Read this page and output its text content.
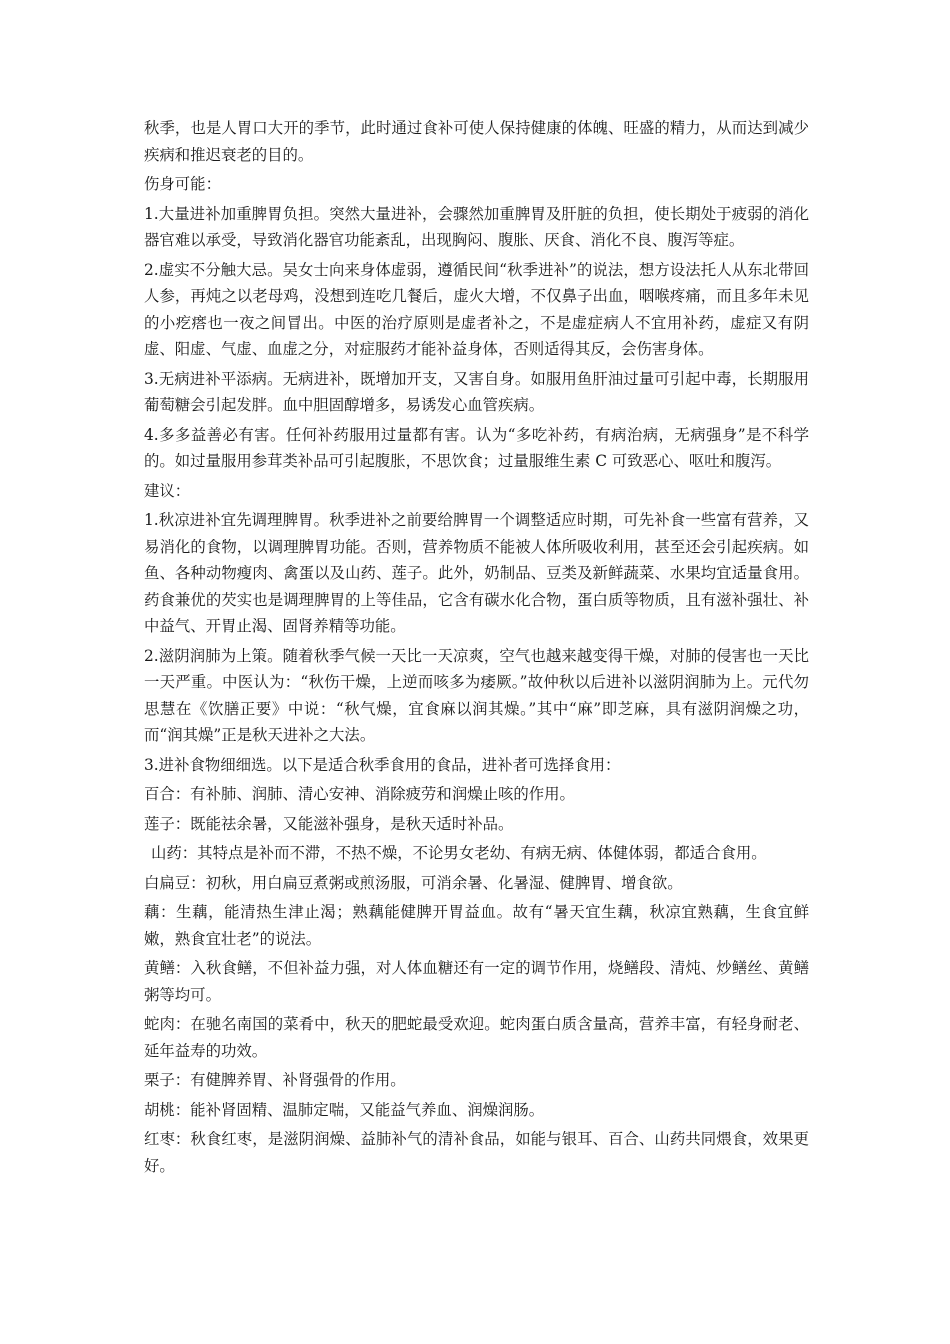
秋季，也是人胃口大开的季节，此时通过食补可使人保持健康的体魄、旺盛的精力，从而达到减少疾病和推迟衰老的目的。

伤身可能：

1.大量进补加重脾胃负担。突然大量进补，会骤然加重脾胃及肝脏的负担，使长期处于疲弱的消化器官难以承受，导致消化器官功能紊乱，出现胸闷、腹胀、厌食、消化不良、腹泻等症。

2.虚实不分触大忌。吴女士向来身体虚弱，遵循民间“秋季进补”的说法，想方设法托人从东北带回人参，再炖之以老母鸡，没想到连吃几餐后，虚火大增，不仅鼻子出血，咽喉疼痛，而且多年未见的小疙瘩也一夜之间冒出。中医的治疗原则是虚者补之，不是虚症病人不宜用补药，虚症又有阴虚、阳虚、气虚、血虚之分，对症服药才能补益身体，否则适得其反，会伤害身体。

3.无病进补平添病。无病进补，既增加开支，又害自身。如服用鱼肝油过量可引起中毒，长期服用葡萄糖会引起发胖。血中胆固醇增多，易诱发心血管疾病。

4.多多益善必有害。任何补药服用过量都有害。认为“多吃补药，有病治病，无病强身”是不科学的。如过量服用参茸类补品可引起腹胀，不思饮食；过量服维生素 C 可致恶心、呕吐和腹泻。

建议：

1.秋凉进补宜先调理脾胃。秋季进补之前要给脾胃一个调整适应时期，可先补食一些富有营养，又易消化的食物，以调理脾胃功能。否则，营养物质不能被人体所吸收利用，甚至还会引起疾病。如鱼、各种动物瘦肉、禽蛋以及山药、莲子。此外，奶制品、豆类及新鲜蔬菜、水果均宜适量食用。药食兼优的芡实也是调理脾胃的上等佳品，它含有碳水化合物，蛋白质等物质，且有滋补强壮、补中益气、开胃止渴、固肾养精等功能。

2.滋阴润肺为上策。随着秋季气候一天比一天凉爽，空气也越来越变得干燥，对肺的侵害也一天比一天严重。中医认为：“秋伤干燥，上逆而咳多为痿厥。”故仲秋以后进补以滋阴润肺为上。元代勿思慧在《饮膳正要》中说：“秋气燥，宜食麻以润其燥。”其中“麻”即芝麻，具有滋阴润燥之功，而“润其燥”正是秋天进补之大法。

3.进补食物细细选。以下是适合秋季食用的食品，进补者可选择食用：

百合：有补肺、润肺、清心安神、消除疲劳和润燥止咳的作用。

莲子：既能祛余暑，又能滋补强身，是秋天适时补品。

山药：其特点是补而不滞，不热不燥，不论男女老幼、有病无病、体健体弱，都适合食用。

白扁豆：初秋，用白扁豆煮粥或煎汤服，可消余暑、化暑湿、健脾胃、增食欲。

藕：生藕，能清热生津止渴；熟藕能健脾开胃益血。故有“暑天宜生藕，秋凉宜熟藕，生食宜鲜嫩，熟食宜壮老”的说法。

黄鳝：入秋食鳝，不但补益力强，对人体血糖还有一定的调节作用，烧鳝段、清炖、炒鳝丝、黄鳝粥等均可。

蛇肉：在驰名南国的菜肴中，秋天的肥蛇最受欢迎。蛇肉蛋白质含量高，营养丰富，有轻身耐老、延年益寿的功效。

栗子：有健脾养胃、补肾强骨的作用。

胡桃：能补肾固精、温肺定喘，又能益气养血、润燥润肠。

红枣：秋食红枣，是滋阴润燥、益肺补气的清补食品，如能与银耳、百合、山药共同煨食，效果更好。
